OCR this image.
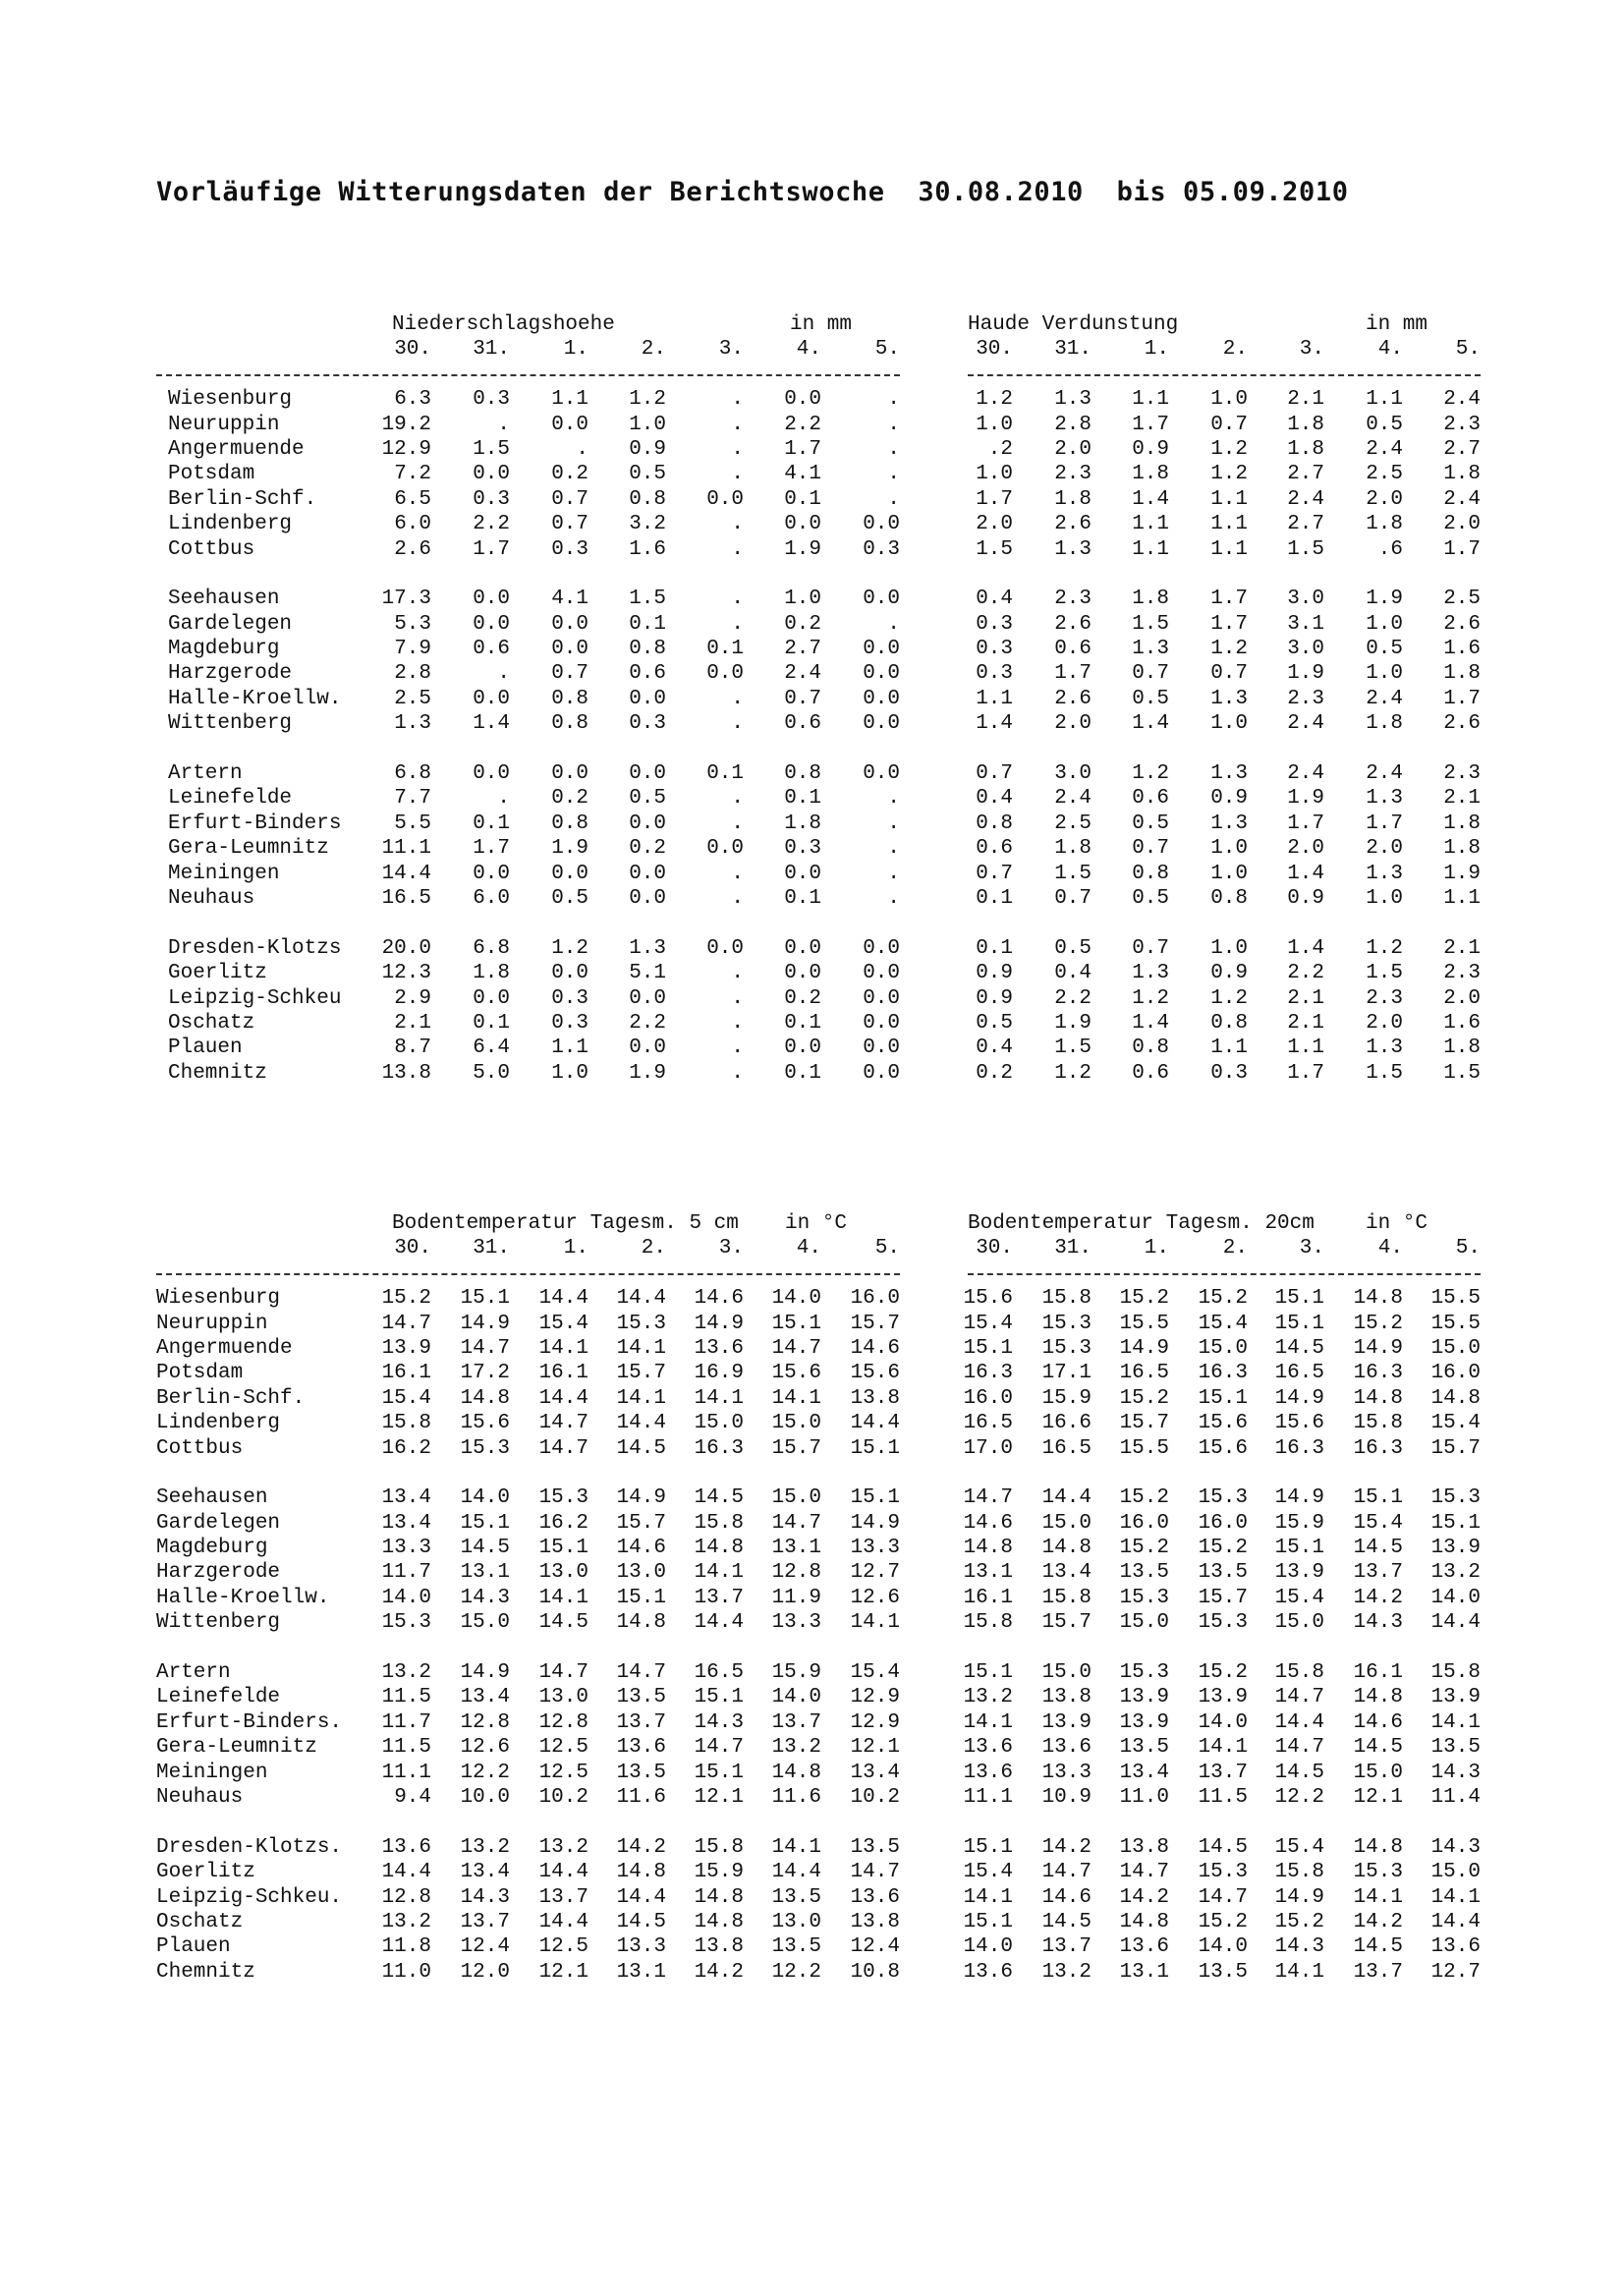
Vorläufige Witterungsdaten der Berichtswoche  30.08.2010  bis 05.09.2010
Niederschlagshoehe	in mm
30.	31.	1.	2.	3.	4.	5.
Wiesenburg	6.3	0.3	1.1	1.2	.	0.0	.
Neuruppin	19.2	.	0.0	1.0	.	2.2	.
Angermuende	12.9	1.5	.	0.9	.	1.7	.
Potsdam	7.2	0.0	0.2	0.5	.	4.1	.
Berlin-Schf.	6.5	0.3	0.7	0.8	0.0	0.1	.
Lindenberg	6.0	2.2	0.7	3.2	.	0.0	0.0
Cottbus	2.6	1.7	0.3	1.6	.	1.9	0.3
Seehausen	17.3	0.0	4.1	1.5	.	1.0	0.0
Gardelegen	5.3	0.0	0.0	0.1	.	0.2	.
Magdeburg	7.9	0.6	0.0	0.8	0.1	2.7	0.0
Harzgerode	2.8	.	0.7	0.6	0.0	2.4	0.0
Halle-Kroellw.	2.5	0.0	0.8	0.0	.	0.7	0.0
Wittenberg	1.3	1.4	0.8	0.3	.	0.6	0.0
Artern	6.8	0.0	0.0	0.0	0.1	0.8	0.0
Leinefelde	7.7	.	0.2	0.5	.	0.1	.
Erfurt-Binders	5.5	0.1	0.8	0.0	.	1.8	.
Gera-Leumnitz	11.1	1.7	1.9	0.2	0.0	0.3	.
Meiningen	14.4	0.0	0.0	0.0	.	0.0	.
Neuhaus	16.5	6.0	0.5	0.0	.	0.1	.
Dresden-Klotzs	20.0	6.8	1.2	1.3	0.0	0.0	0.0
Goerlitz	12.3	1.8	0.0	5.1	.	0.0	0.0
Leipzig-Schkeu	2.9	0.0	0.3	0.0	.	0.2	0.0
Oschatz	2.1	0.1	0.3	2.2	.	0.1	0.0
Plauen	8.7	6.4	1.1	0.0	.	0.0	0.0
Chemnitz	13.8	5.0	1.0	1.9	.	0.1	0.0
Haude Verdunstung	in mm
30.	31.	1.	2.	3.	4.	5.
1.2	1.3	1.1	1.0	2.1	1.1	2.4
1.0	2.8	1.7	0.7	1.8	0.5	2.3
.2	2.0	0.9	1.2	1.8	2.4	2.7
1.0	2.3	1.8	1.2	2.7	2.5	1.8
1.7	1.8	1.4	1.1	2.4	2.0	2.4
2.0	2.6	1.1	1.1	2.7	1.8	2.0
1.5	1.3	1.1	1.1	1.5	.6	1.7
0.4	2.3	1.8	1.7	3.0	1.9	2.5
0.3	2.6	1.5	1.7	3.1	1.0	2.6
0.3	0.6	1.3	1.2	3.0	0.5	1.6
0.3	1.7	0.7	0.7	1.9	1.0	1.8
1.1	2.6	0.5	1.3	2.3	2.4	1.7
1.4	2.0	1.4	1.0	2.4	1.8	2.6
0.7	3.0	1.2	1.3	2.4	2.4	2.3
0.4	2.4	0.6	0.9	1.9	1.3	2.1
0.8	2.5	0.5	1.3	1.7	1.7	1.8
0.6	1.8	0.7	1.0	2.0	2.0	1.8
0.7	1.5	0.8	1.0	1.4	1.3	1.9
0.1	0.7	0.5	0.8	0.9	1.0	1.1
0.1	0.5	0.7	1.0	1.4	1.2	2.1
0.9	0.4	1.3	0.9	2.2	1.5	2.3
0.9	2.2	1.2	1.2	2.1	2.3	2.0
0.5	1.9	1.4	0.8	2.1	2.0	1.6
0.4	1.5	0.8	1.1	1.1	1.3	1.8
0.2	1.2	0.6	0.3	1.7	1.5	1.5
Bodentemperatur Tagesm. 5 cm in °C
30.	31.	1.	2.	3.	4.	5.
Wiesenburg	15.2	15.1	14.4	14.4	14.6	14.0	16.0
Neuruppin	14.7	14.9	15.4	15.3	14.9	15.1	15.7
Angermuende	13.9	14.7	14.1	14.1	13.6	14.7	14.6
Potsdam	16.1	17.2	16.1	15.7	16.9	15.6	15.6
Berlin-Schf.	15.4	14.8	14.4	14.1	14.1	14.1	13.8
Lindenberg	15.8	15.6	14.7	14.4	15.0	15.0	14.4
Cottbus	16.2	15.3	14.7	14.5	16.3	15.7	15.1
Seehausen	13.4	14.0	15.3	14.9	14.5	15.0	15.1
Gardelegen	13.4	15.1	16.2	15.7	15.8	14.7	14.9
Magdeburg	13.3	14.5	15.1	14.6	14.8	13.1	13.3
Harzgerode	11.7	13.1	13.0	13.0	14.1	12.8	12.7
Halle-Kroellw.	14.0	14.3	14.1	15.1	13.7	11.9	12.6
Wittenberg	15.3	15.0	14.5	14.8	14.4	13.3	14.1
Artern	13.2	14.9	14.7	14.7	16.5	15.9	15.4
Leinefelde	11.5	13.4	13.0	13.5	15.1	14.0	12.9
Erfurt-Binders.	11.7	12.8	12.8	13.7	14.3	13.7	12.9
Gera-Leumnitz	11.5	12.6	12.5	13.6	14.7	13.2	12.1
Meiningen	11.1	12.2	12.5	13.5	15.1	14.8	13.4
Neuhaus	9.4	10.0	10.2	11.6	12.1	11.6	10.2
Dresden-Klotzs.	13.6	13.2	13.2	14.2	15.8	14.1	13.5
Goerlitz	14.4	13.4	14.4	14.8	15.9	14.4	14.7
Leipzig-Schkeu.	12.8	14.3	13.7	14.4	14.8	13.5	13.6
Oschatz	13.2	13.7	14.4	14.5	14.8	13.0	13.8
Plauen	11.8	12.4	12.5	13.3	13.8	13.5	12.4
Chemnitz	11.0	12.0	12.1	13.1	14.2	12.2	10.8
Bodentemperatur Tagesm. 20cm in °C
30.	31.	1.	2.	3.	4.	5.
15.6	15.8	15.2	15.2	15.1	14.8	15.5
15.4	15.3	15.5	15.4	15.1	15.2	15.5
15.1	15.3	14.9	15.0	14.5	14.9	15.0
16.3	17.1	16.5	16.3	16.5	16.3	16.0
16.0	15.9	15.2	15.1	14.9	14.8	14.8
16.5	16.6	15.7	15.6	15.6	15.8	15.4
17.0	16.5	15.5	15.6	16.3	16.3	15.7
14.7	14.4	15.2	15.3	14.9	15.1	15.3
14.6	15.0	16.0	16.0	15.9	15.4	15.1
14.8	14.8	15.2	15.2	15.1	14.5	13.9
13.1	13.4	13.5	13.5	13.9	13.7	13.2
16.1	15.8	15.3	15.7	15.4	14.2	14.0
15.8	15.7	15.0	15.3	15.0	14.3	14.4
15.1	15.0	15.3	15.2	15.8	16.1	15.8
13.2	13.8	13.9	13.9	14.7	14.8	13.9
14.1	13.9	13.9	14.0	14.4	14.6	14.1
13.6	13.6	13.5	14.1	14.7	14.5	13.5
13.6	13.3	13.4	13.7	14.5	15.0	14.3
11.1	10.9	11.0	11.5	12.2	12.1	11.4
15.1	14.2	13.8	14.5	15.4	14.8	14.3
15.4	14.7	14.7	15.3	15.8	15.3	15.0
14.1	14.6	14.2	14.7	14.9	14.1	14.1
15.1	14.5	14.8	15.2	15.2	14.2	14.4
14.0	13.7	13.6	14.0	14.3	14.5	13.6
13.6	13.2	13.1	13.5	14.1	13.7	12.7
